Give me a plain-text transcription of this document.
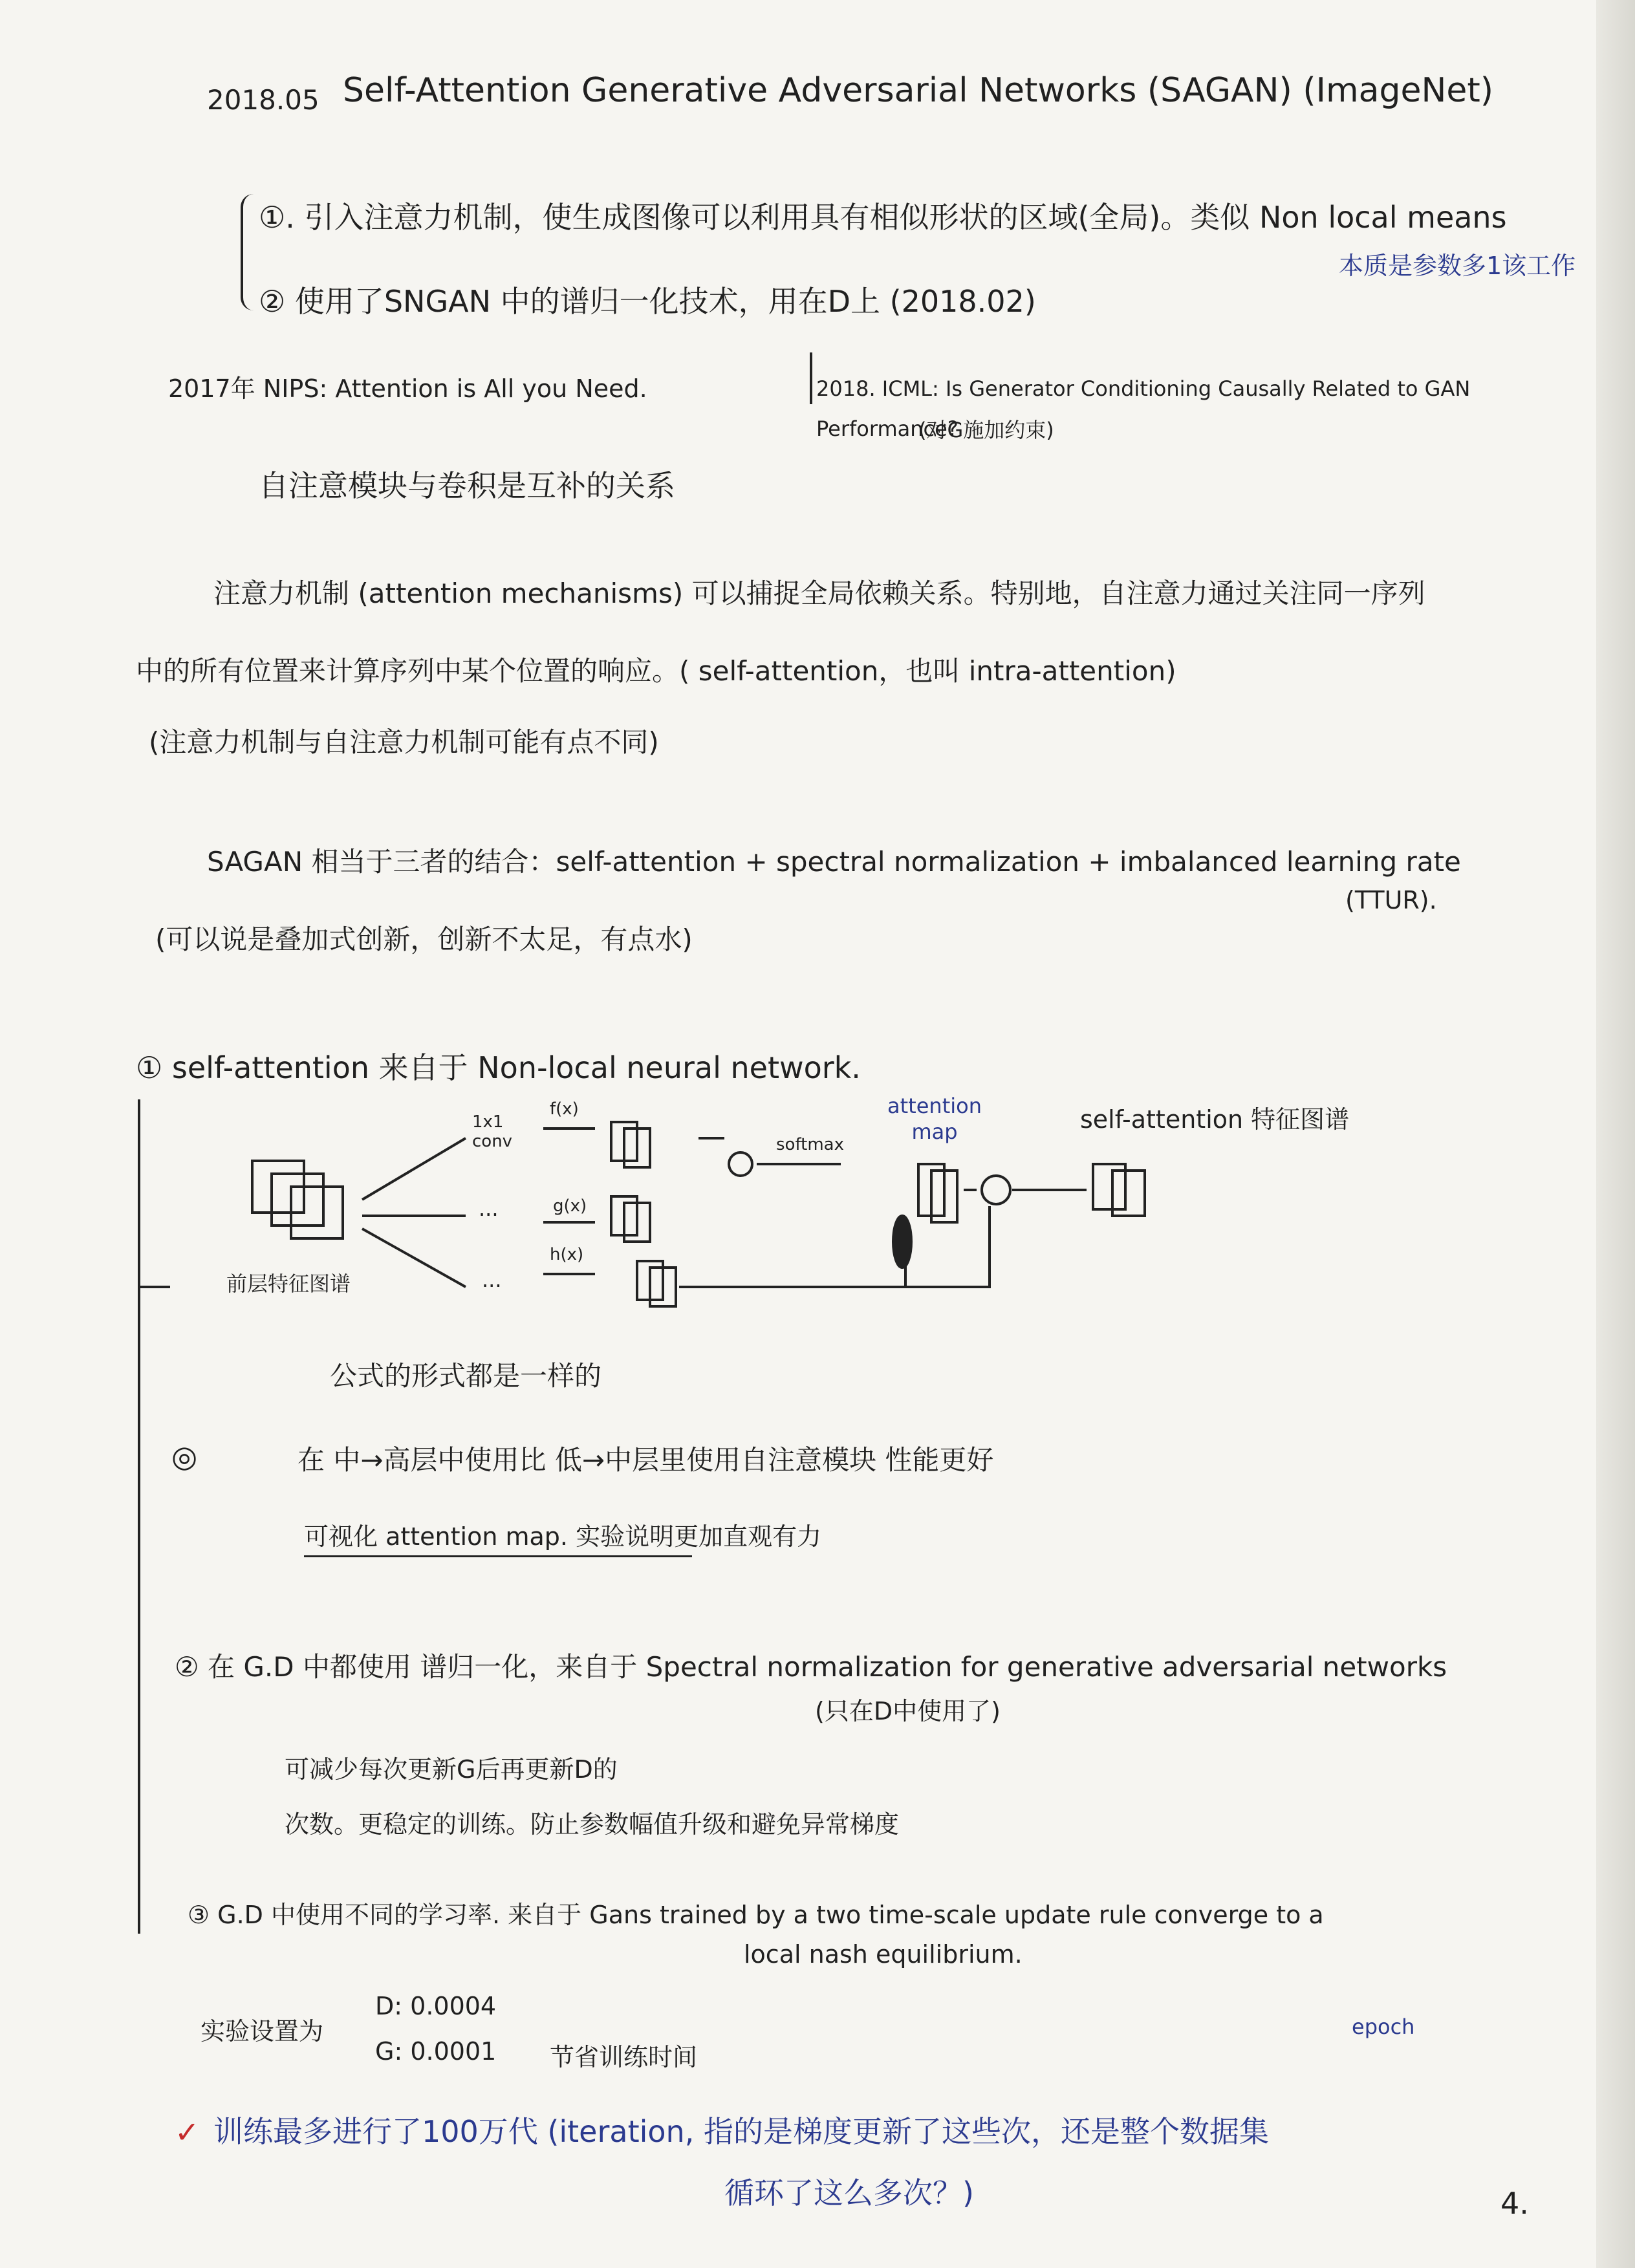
2018.05 Self-Attention Generative Adversarial Networks (SAGAN) (ImageNet)
①. 引入注意力机制，使生成图像可以利用具有相似形状的区域(全局)。类似 Non local means
本质是参数多1该工作
② 使用了SNGAN 中的谱归一化技术，用在D上 (2018.02)
2017年 NIPS: Attention is All you Need.	2018. ICML: Is Generator Conditioning Causally Related to GAN Performance?
(对G施加约束)
自注意模块与卷积是互补的关系
注意力机制 (attention mechanisms) 可以捕捉全局依赖关系。特别地，自注意力通过关注同一序列
中的所有位置来计算序列中某个位置的响应。( self-attention，也叫 intra-attention)
(注意力机制与自注意力机制可能有点不同)
SAGAN 相当于三者的结合：self-attention + spectral normalization + imbalanced learning rate
(TTUR).
(可以说是叠加式创新，创新不太足，有点水)
① self-attention 来自于 Non-local neural network.
前层特征图谱
1x1 conv
f(x)
g(x)
h(x)
...
...
softmax
attention map	self-attention 特征图谱
公式的形式都是一样的
◎	在 中→高层中使用比 低→中层里使用自注意模块 性能更好
可视化 attention map. 实验说明更加直观有力
② 在 G.D 中都使用 谱归一化，来自于 Spectral normalization for generative adversarial networks
(只在D中使用了)
可减少每次更新G后再更新D的
次数。更稳定的训练。防止参数幅值升级和避免异常梯度
③ G.D 中使用不同的学习率. 来自于 Gans trained by a two time-scale update rule converge to a
local nash equilibrium.
实验设置为
D: 0.0004
G: 0.0001 节省训练时间
epoch
✓ 训练最多进行了100万代 (iteration, 指的是梯度更新了这些次，还是整个数据集
循环了这么多次？)	4.
